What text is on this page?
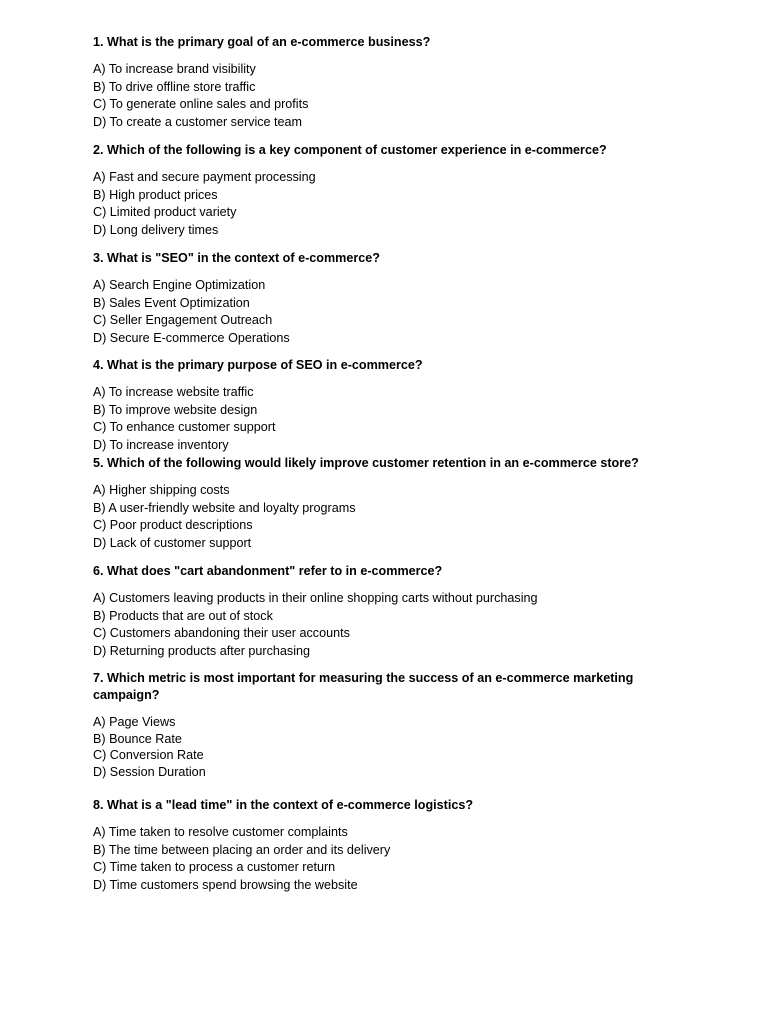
1. What is the primary goal of an e-commerce business?

A) To increase brand visibility
B) To drive offline store traffic
C) To generate online sales and profits
D) To create a customer service team

2. Which of the following is a key component of customer experience in e-commerce?

A) Fast and secure payment processing
B) High product prices
C) Limited product variety
D) Long delivery times

3. What is "SEO" in the context of e-commerce?

A) Search Engine Optimization
B) Sales Event Optimization
C) Seller Engagement Outreach
D) Secure E-commerce Operations

4. What is the primary purpose of SEO in e-commerce?

A) To increase website traffic
B) To improve website design
C) To enhance customer support
D) To increase inventory

5. Which of the following would likely improve customer retention in an e-commerce store?

A) Higher shipping costs
B) A user-friendly website and loyalty programs
C) Poor product descriptions
D) Lack of customer support

6. What does "cart abandonment" refer to in e-commerce?

A) Customers leaving products in their online shopping carts without purchasing
B) Products that are out of stock
C) Customers abandoning their user accounts
D) Returning products after purchasing

7. Which metric is most important for measuring the success of an e-commerce marketing campaign?

A) Page Views
B) Bounce Rate
C) Conversion Rate
D) Session Duration

8. What is a "lead time" in the context of e-commerce logistics?

A) Time taken to resolve customer complaints
B) The time between placing an order and its delivery
C) Time taken to process a customer return
D) Time customers spend browsing the website
